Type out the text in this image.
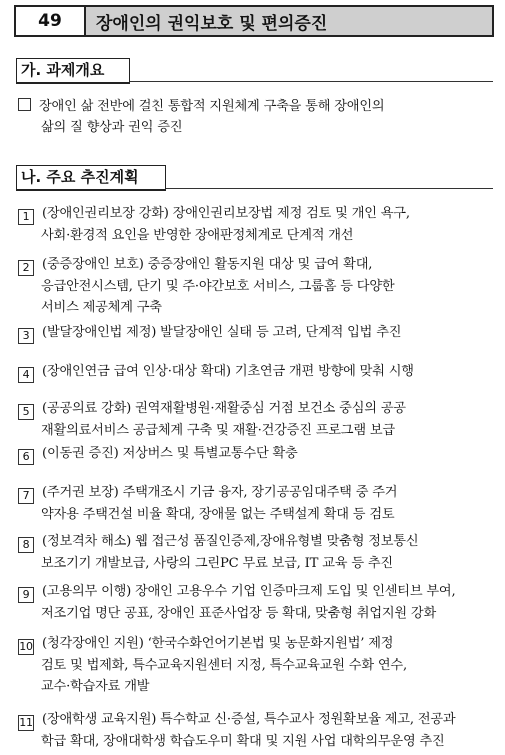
49	장애인의 권익보호 및 편의증진
가. 과제개요
장애인 삶 전반에 걸친 통합적 지원체계 구축을 통해 장애인의
삶의 질 향상과 권익 증진
나. 주요 추진계획
1 (장애인권리보장 강화) 장애인권리보장법 제정 검토 및 개인 욕구,
사회·환경적 요인을 반영한 장애판정체계로 단계적 개선
2 (중증장애인 보호) 중증장애인 활동지원 대상 및 급여 확대,
응급안전시스템, 단기 및 주·야간보호 서비스, 그룹홈 등 다양한
서비스 제공체계 구축
3 (발달장애인법 제정) 발달장애인 실태 등 고려, 단계적 입법 추진
4 (장애인연금 급여 인상·대상 확대) 기초연금 개편 방향에 맞춰 시행
5 (공공의료 강화) 권역재활병원·재활중심 거점 보건소 중심의 공공
재활의료서비스 공급체계 구축 및 재활·건강증진 프로그램 보급
6 (이동권 증진) 저상버스 및 특별교통수단 확충
7 (주거권 보장) 주택개조시 기금 융자, 장기공공임대주택 중 주거
약자용 주택건설 비율 확대, 장애물 없는 주택설계 확대 등 검토
8 (정보격차 해소) 웹 접근성 품질인증제,장애유형별 맞춤형 정보통신
보조기기 개발보급, 사랑의 그린PC 무료 보급, IT 교육 등 추진
9 (고용의무 이행) 장애인 고용우수 기업 인증마크제 도입 및 인센티브 부여,
저조기업 명단 공표, 장애인 표준사업장 등 확대, 맞춤형 취업지원 강화
10 (청각장애인 지원) ‘한국수화언어기본법 및 농문화지원법’ 제정
검토 및 법제화, 특수교육지원센터 지정, 특수교육교원 수화 연수,
교수·학습자료 개발
11 (장애학생 교육지원) 특수학교 신·증설, 특수교사 정원확보율 제고, 전공과
학급 확대, 장애대학생 학습도우미 확대 및 지원 사업 대학의무운영 추진
